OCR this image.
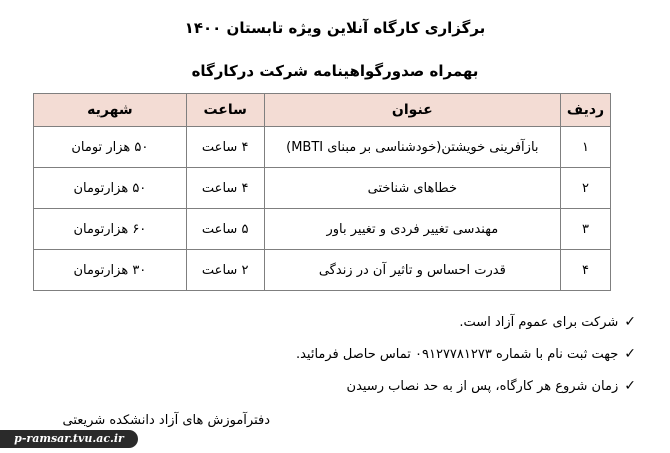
برگزاری کارگاه آنلاین ویژه تابستان ۱۴۰۰
بهمراه صدورگواهینامه شرکت درکارگاه
ردیف	عنوان	ساعت	شهریه
۱	بازآفرینی خویشتن(خودشناسی بر مبنای MBTI)	۴ ساعت	۵۰ هزار تومان
۲	خطاهای شناختی	۴ ساعت	۵۰ هزارتومان
۳	مهندسی تغییر فردی و تغییر باور	۵ ساعت	۶۰ هزارتومان
۴	قدرت احساس و تاثیر آن در زندگی	۲ ساعت	۳۰ هزارتومان
✓
شرکت برای عموم آزاد است.
✓
جهت ثبت نام با شماره ۰۹۱۲۷۷۸۱۲۷۳ تماس حاصل فرمائید.
✓
زمان شروع هر کارگاه، پس از به حد نصاب رسیدن
دفترآموزش های آزاد دانشکده شریعتی
p-ramsar.tvu.ac.ir
